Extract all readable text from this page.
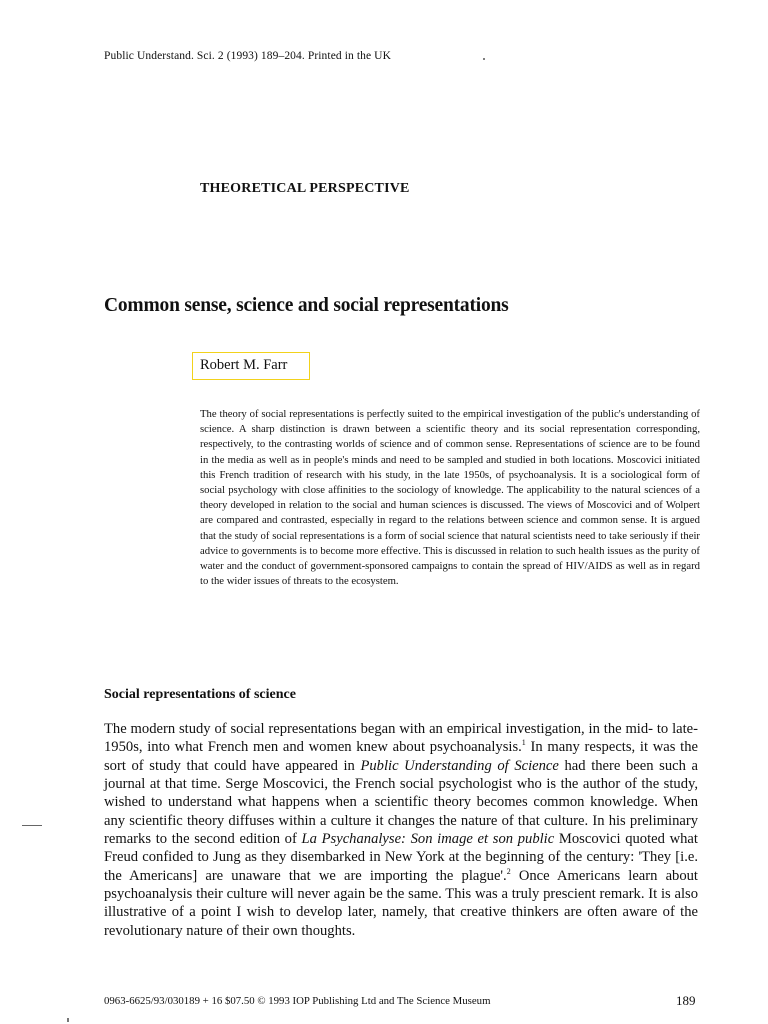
Public Understand. Sci. 2 (1993) 189–204. Printed in the UK
THEORETICAL PERSPECTIVE
Common sense, science and social representations
Robert M. Farr
The theory of social representations is perfectly suited to the empirical investigation of the public's understanding of science. A sharp distinction is drawn between a scientific theory and its social representation corresponding, respectively, to the contrasting worlds of science and of common sense. Representations of science are to be found in the media as well as in people's minds and need to be sampled and studied in both locations. Moscovici initiated this French tradition of research with his study, in the late 1950s, of psychoanalysis. It is a sociological form of social psychology with close affinities to the sociology of knowledge. The applicability to the natural sciences of a theory developed in relation to the social and human sciences is discussed. The views of Moscovici and of Wolpert are compared and contrasted, especially in regard to the relations between science and common sense. It is argued that the study of social representations is a form of social science that natural scientists need to take seriously if their advice to governments is to become more effective. This is discussed in relation to such health issues as the purity of water and the conduct of government-sponsored campaigns to contain the spread of HIV/AIDS as well as in regard to the wider issues of threats to the ecosystem.
Social representations of science
The modern study of social representations began with an empirical investigation, in the mid- to late-1950s, into what French men and women knew about psychoanalysis.$^1$ In many respects, it was the sort of study that could have appeared in Public Understanding of Science had there been such a journal at that time. Serge Moscovici, the French social psychologist who is the author of the study, wished to understand what happens when a scientific theory becomes common knowledge. When any scientific theory diffuses within a culture it changes the nature of that culture. In his preliminary remarks to the second edition of La Psychanalyse: Son image et son public Moscovici quoted what Freud confided to Jung as they disembarked in New York at the beginning of the century: 'They [i.e. the Americans] are unaware that we are importing the plague'.$^2$ Once Americans learn about psychoanalysis their culture will never again be the same. This was a truly prescient remark. It is also illustrative of a point I wish to develop later, namely, that creative thinkers are often aware of the revolutionary nature of their own thoughts.
0963-6625/93/030189 + 16 $07.50 © 1993 IOP Publishing Ltd and The Science Museum	189
